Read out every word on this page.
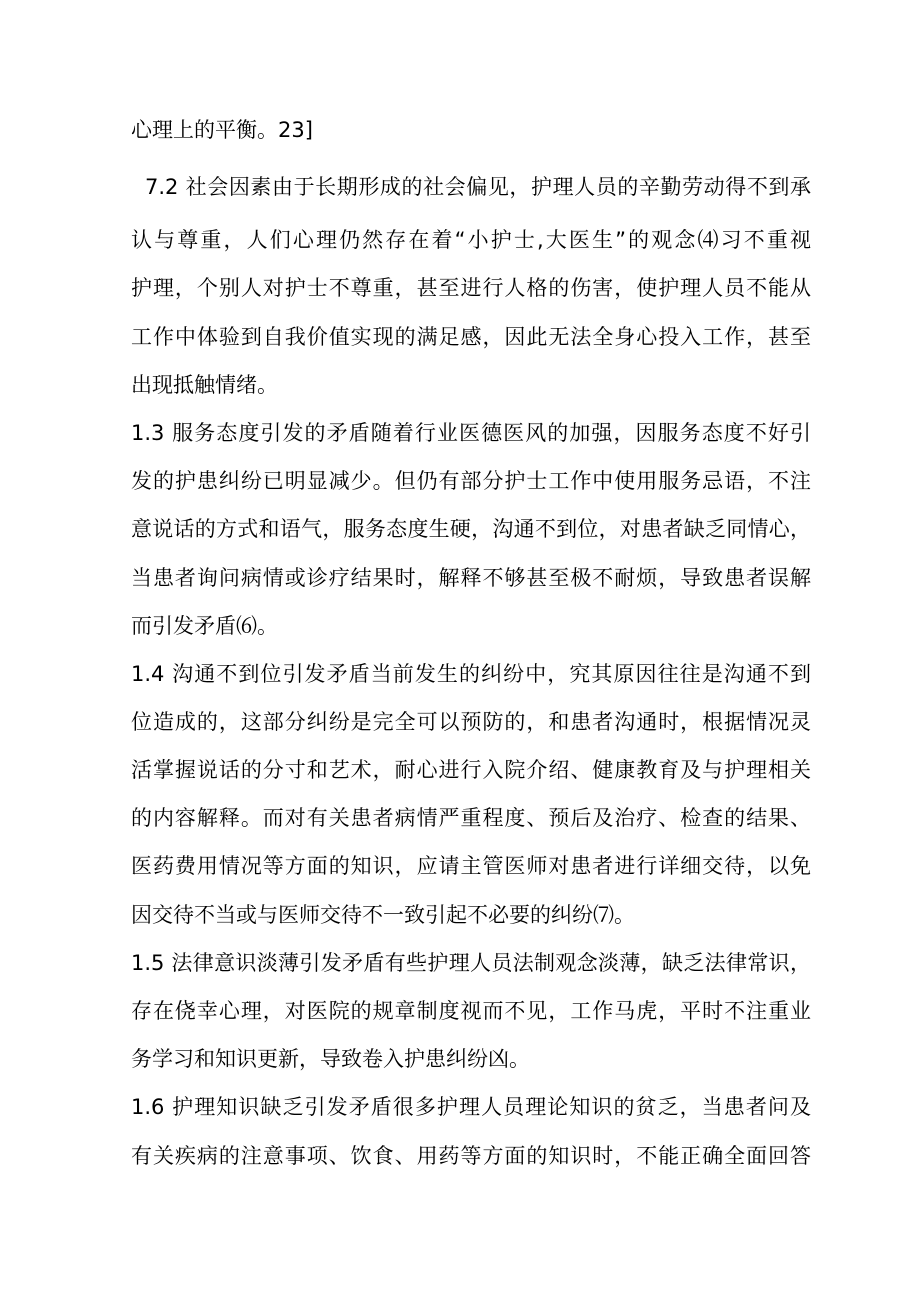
心理上的平衡。23]
7.2 社会因素由于长期形成的社会偏见，护理人员的辛勤劳动得不到承
认与尊重，人们心理仍然存在着“小护士,大医生”的观念⑷习不重视
护理，个别人对护士不尊重，甚至进行人格的伤害，使护理人员不能从
工作中体验到自我价值实现的满足感，因此无法全身心投入工作，甚至
出现抵触情绪。
1.3 服务态度引发的矛盾随着行业医德医风的加强，因服务态度不好引
发的护患纠纷已明显减少。但仍有部分护士工作中使用服务忌语，不注
意说话的方式和语气，服务态度生硬，沟通不到位，对患者缺乏同情心，
当患者询问病情或诊疗结果时，解释不够甚至极不耐烦，导致患者误解
而引发矛盾⑹。
1.4 沟通不到位引发矛盾当前发生的纠纷中，究其原因往往是沟通不到
位造成的，这部分纠纷是完全可以预防的，和患者沟通时，根据情况灵
活掌握说话的分寸和艺术，耐心进行入院介绍、健康教育及与护理相关
的内容解释。而对有关患者病情严重程度、预后及治疗、检查的结果、
医药费用情况等方面的知识，应请主管医师对患者进行详细交待，以免
因交待不当或与医师交待不一致引起不必要的纠纷⑺。
1.5 法律意识淡薄引发矛盾有些护理人员法制观念淡薄，缺乏法律常识，
存在侥幸心理，对医院的规章制度视而不见，工作马虎，平时不注重业
务学习和知识更新，导致卷入护患纠纷凶。
1.6 护理知识缺乏引发矛盾很多护理人员理论知识的贫乏，当患者问及
有关疾病的注意事项、饮食、用药等方面的知识时，不能正确全面回答
